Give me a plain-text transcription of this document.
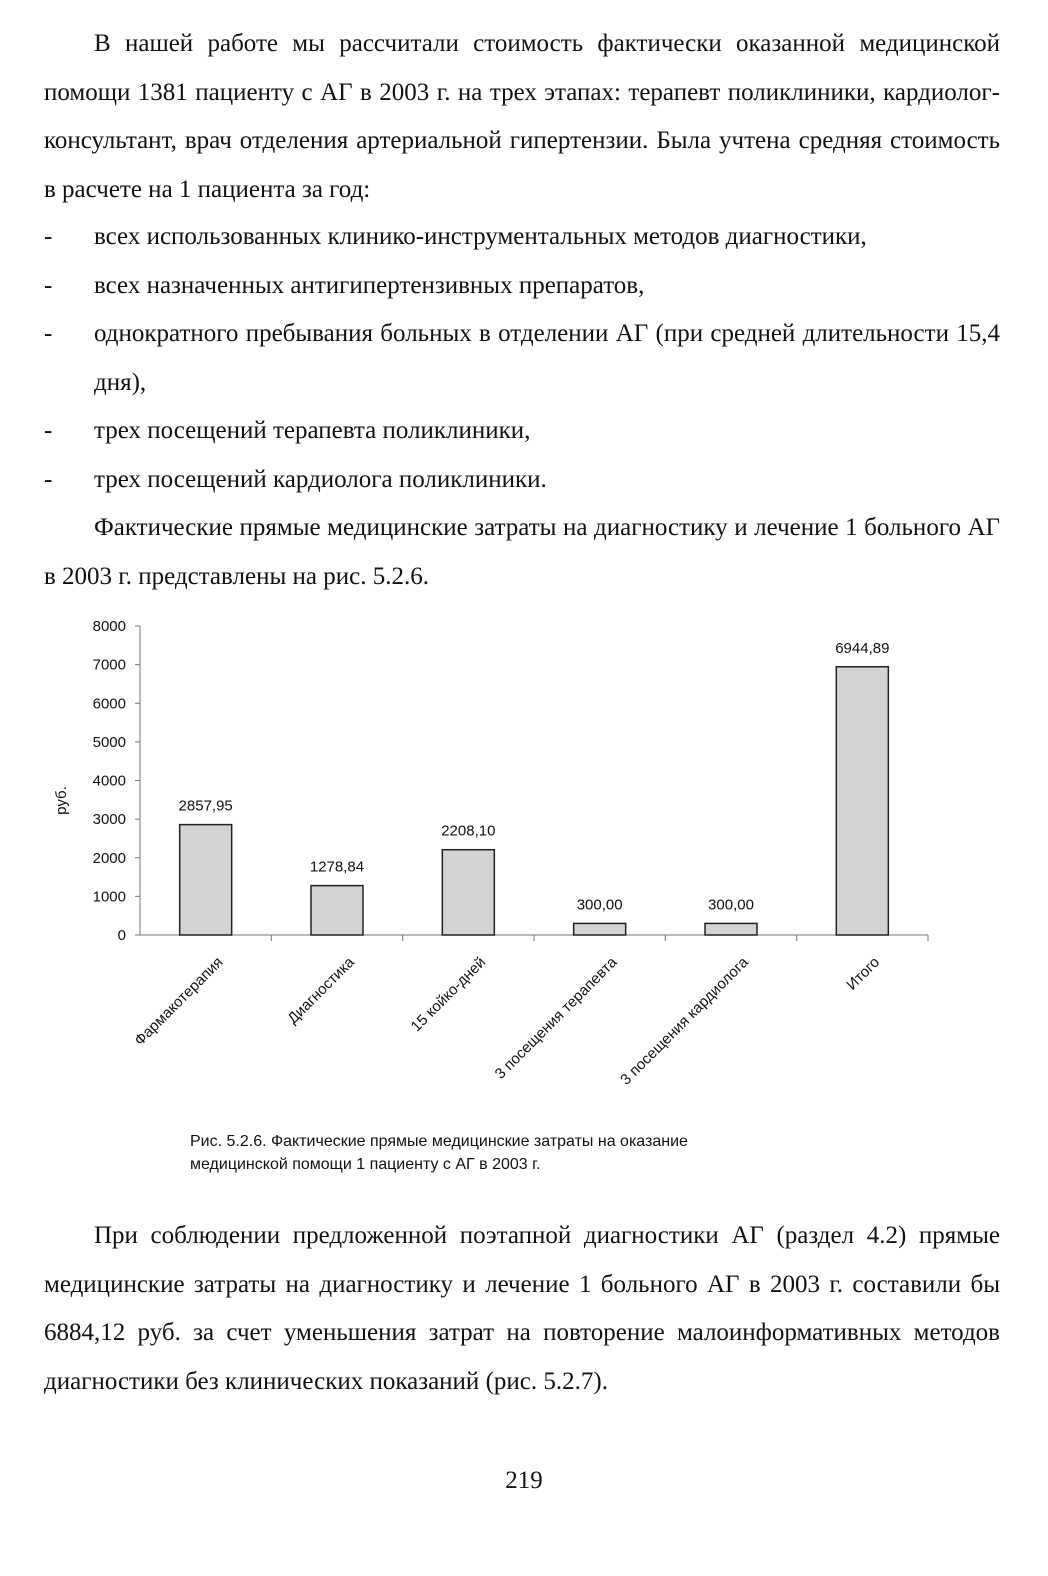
В нашей работе мы рассчитали стоимость фактически оказанной медицинской помощи 1381 пациенту с АГ в 2003 г. на трех этапах: терапевт поликлиники, кардиолог-консультант, врач отделения артериальной гипертензии. Была учтена средняя стоимость в расчете на 1 пациента за год:

- всех использованных клинико-инструментальных методов диагностики,
- всех назначенных антигипертензивных препаратов,
- однократного пребывания больных в отделении АГ (при средней длительности 15,4 дня),
- трех посещений терапевта поликлиники,
- трех посещений кардиолога поликлиники.

Фактические прямые медицинские затраты на диагностику и лечение 1 больного АГ в 2003 г. представлены на рис. 5.2.6.

0
1000
2000
3000
4000
5000
6000
7000
8000
руб.	2857,95
Фармакотерапия
1278,84
Диагностика
2208,10
15 койко-дней
300,00
3 посещения терапевта
300,00
3 посещения кардиолога
6944,89
Итого

Рис. 5.2.6. Фактические прямые медицинские затраты на оказание
медицинской помощи 1 пациенту с АГ в 2003 г.

При соблюдении предложенной поэтапной диагностики АГ (раздел 4.2) прямые медицинские затраты на диагностику и лечение 1 больного АГ в 2003 г. составили бы 6884,12 руб. за счет уменьшения затрат на повторение малоинформативных методов диагностики без клинических показаний (рис. 5.2.7).

219
